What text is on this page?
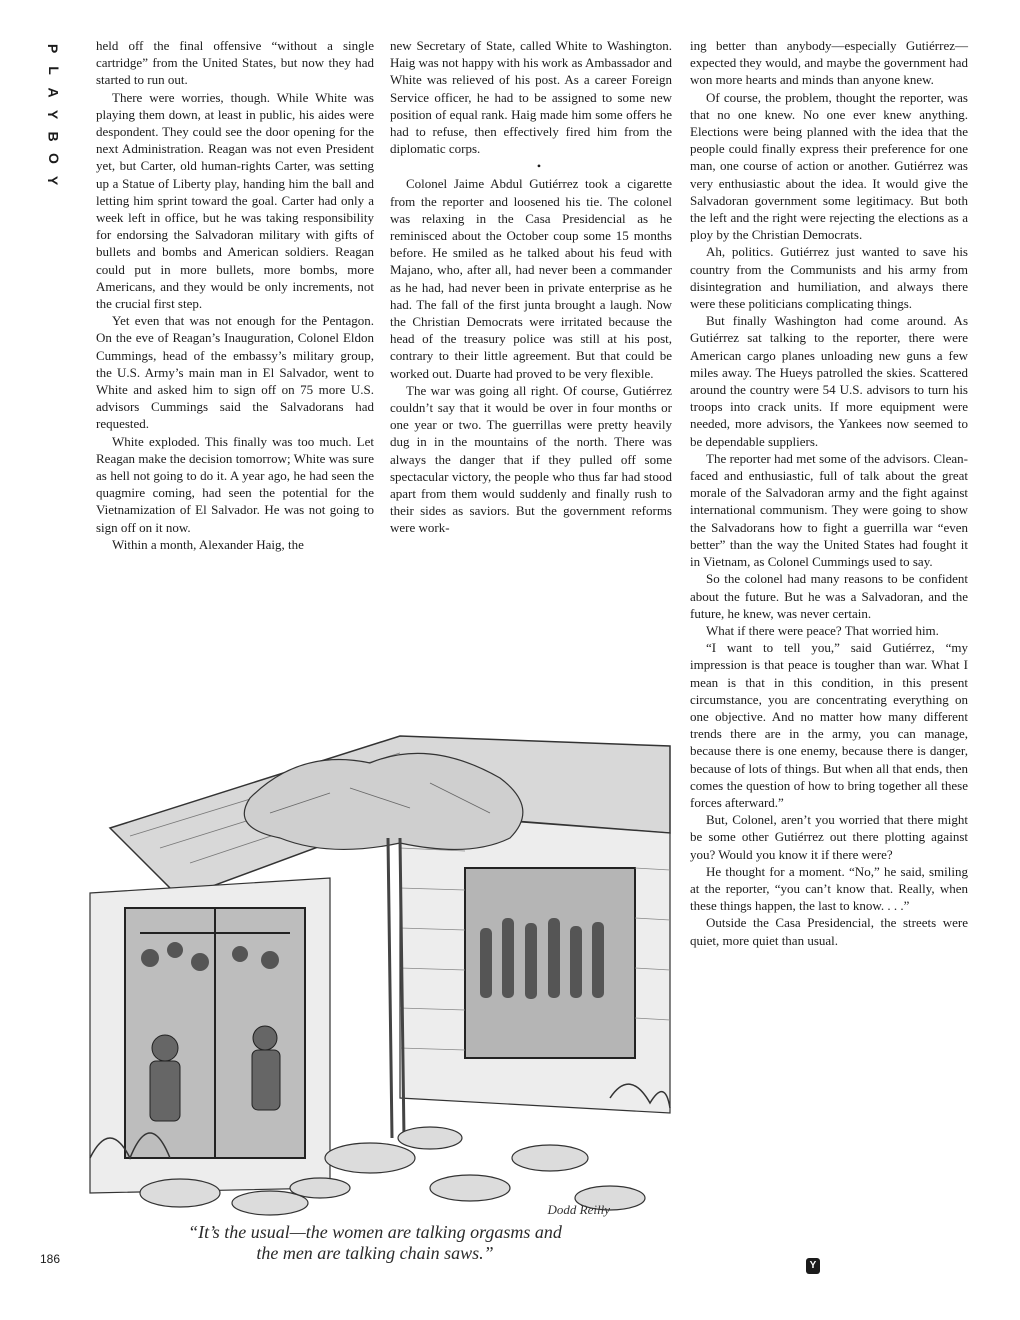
P
L
A
Y
B
O
Y

held off the final offensive “without a single cartridge” from the United States, but now they had started to run out.

There were worries, though. While White was playing them down, at least in public, his aides were despondent. They could see the door opening for the next Administration. Reagan was not even President yet, but Carter, old human-rights Carter, was setting up a Statue of Liberty play, handing him the ball and letting him sprint toward the goal. Carter had only a week left in office, but he was taking responsibility for endorsing the Salvadoran military with gifts of bullets and bombs and American soldiers. Reagan could put in more bullets, more bombs, more Americans, and they would be only increments, not the crucial first step.

Yet even that was not enough for the Pentagon. On the eve of Reagan’s Inauguration, Colonel Eldon Cummings, head of the embassy’s military group, the U.S. Army’s main man in El Salvador, went to White and asked him to sign off on 75 more U.S. advisors Cummings said the Salvadorans had requested.

White exploded. This finally was too much. Let Reagan make the decision tomorrow; White was sure as hell not going to do it. A year ago, he had seen the quagmire coming, had seen the potential for the Vietnamization of El Salvador. He was not going to sign off on it now.

Within a month, Alexander Haig, the

new Secretary of State, called White to Washington. Haig was not happy with his work as Ambassador and White was relieved of his post. As a career Foreign Service officer, he had to be assigned to some new position of equal rank. Haig made him some offers he had to refuse, then effectively fired him from the diplomatic corps.

•

Colonel Jaime Abdul Gutiérrez took a cigarette from the reporter and loosened his tie. The colonel was relaxing in the Casa Presidencial as he reminisced about the October coup some 15 months before. He smiled as he talked about his feud with Majano, who, after all, had never been a commander as he had, had never been in private enterprise as he had. The fall of the first junta brought a laugh. Now the Christian Democrats were irritated because the head of the treasury police was still at his post, contrary to their little agreement. But that could be worked out. Duarte had proved to be very flexible.

The war was going all right. Of course, Gutiérrez couldn’t say that it would be over in four months or one year or two. The guerrillas were pretty heavily dug in in the mountains of the north. There was always the danger that if they pulled off some spectacular victory, the people who thus far had stood apart from them would suddenly and finally rush to their sides as saviors. But the government reforms were work-

ing better than anybody—especially Gutiérrez—expected they would, and maybe the government had won more hearts and minds than anyone knew.

Of course, the problem, thought the reporter, was that no one knew. No one ever knew anything. Elections were being planned with the idea that the people could finally express their preference for one man, one course of action or another. Gutiérrez was very enthusiastic about the idea. It would give the Salvadoran government some legitimacy. But both the left and the right were rejecting the elections as a ploy by the Christian Democrats.

Ah, politics. Gutiérrez just wanted to save his country from the Communists and his army from disintegration and humiliation, and always there were these politicians complicating things.

But finally Washington had come around. As Gutiérrez sat talking to the reporter, there were American cargo planes unloading new guns a few miles away. The Hueys patrolled the skies. Scattered around the country were 54 U.S. advisors to turn his troops into crack units. If more equipment were needed, more advisors, the Yankees now seemed to be dependable suppliers.

The reporter had met some of the advisors. Clean-faced and enthusiastic, full of talk about the great morale of the Salvadoran army and the fight against international communism. They were going to show the Salvadorans how to fight a guerrilla war “even better” than the way the United States had fought it in Vietnam, as Colonel Cummings used to say.

So the colonel had many reasons to be confident about the future. But he was a Salvadoran, and the future, he knew, was never certain.

What if there were peace? That worried him.

“I want to tell you,” said Gutiérrez, “my impression is that peace is tougher than war. What I mean is that in this condition, in this present circumstance, you are concentrating everything on one objective. And no matter how many different trends there are in the army, you can manage, because there is one enemy, because there is danger, because of lots of things. But when all that ends, then comes the question of how to bring together all these forces afterward.”

But, Colonel, aren’t you worried that there might be some other Gutiérrez out there plotting against you? Would you know it if there were?

He thought for a moment. “No,” he said, smiling at the reporter, “you can’t know that. Really, when these things happen, the last to know. . . .”

Outside the Casa Presidencial, the streets were quiet, more quiet than usual.

Dodd Reilly
“It’s the usual—the women are talking orgasms and
the men are talking chain saws.”
186	Y
